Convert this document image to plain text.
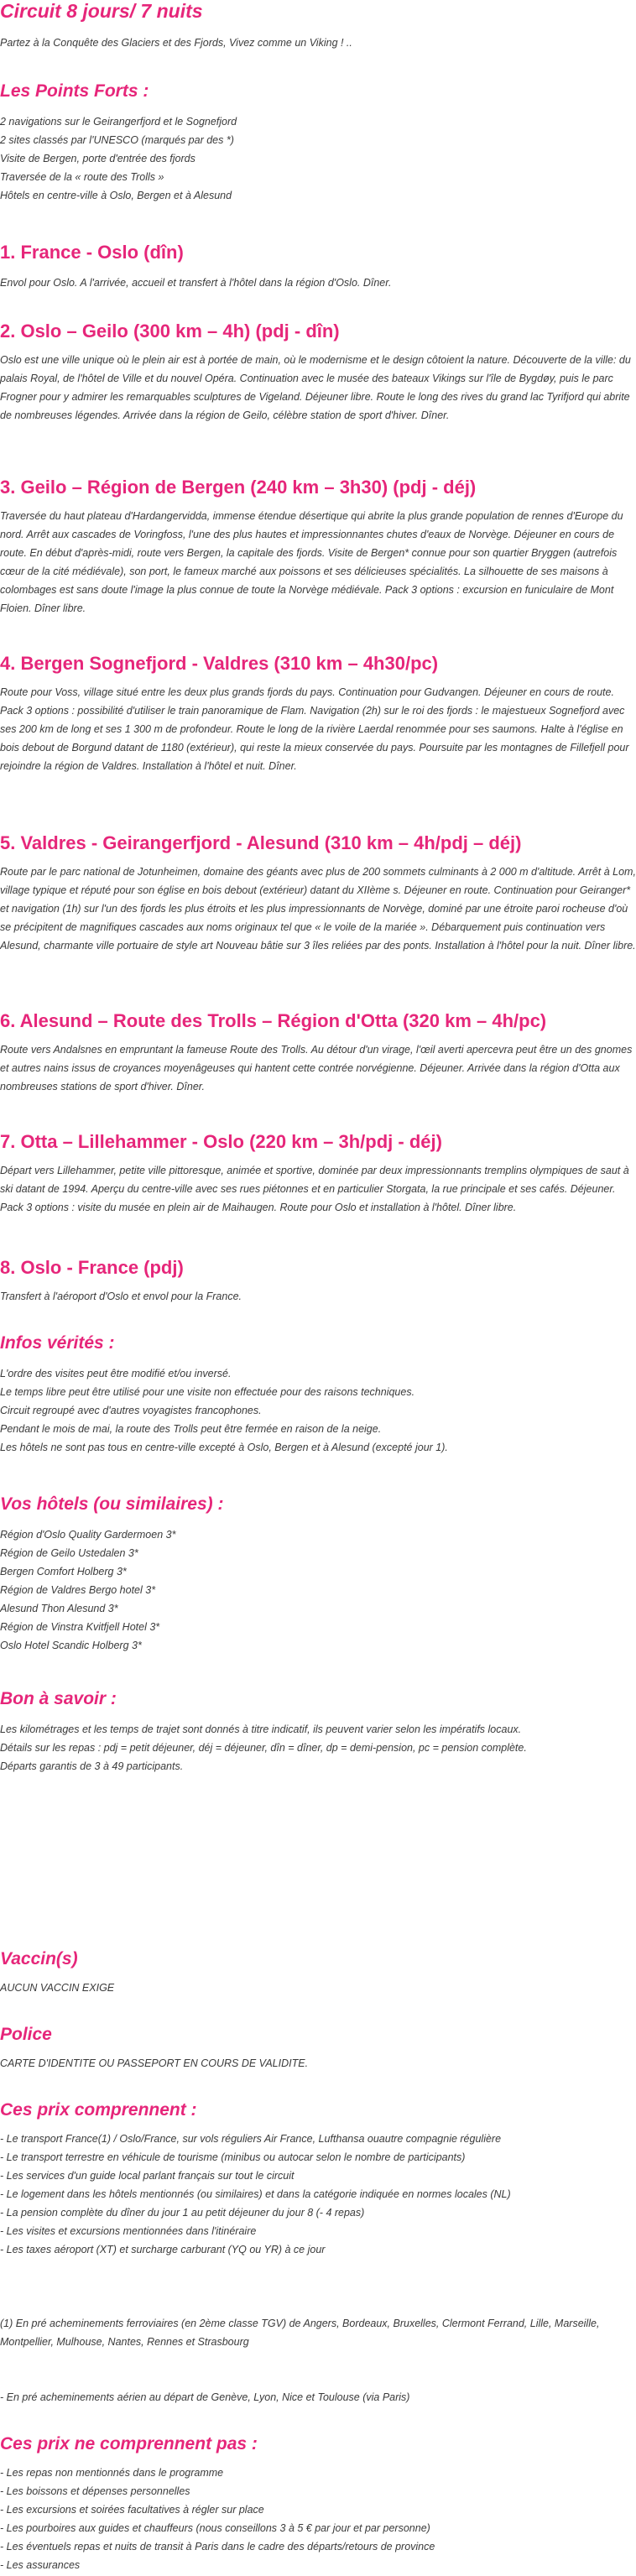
Circuit 8 jours/ 7 nuits

Partez à la Conquête des Glaciers et des Fjords, Vivez comme un Viking ! ..

Les Points Forts :

2 navigations sur le Geirangerfjord et le Sognefjord

2 sites classés par l'UNESCO (marqués par des *)

Visite de Bergen, porte d'entrée des fjords

Traversée de la « route des Trolls »

Hôtels en centre-ville à Oslo, Bergen et à Alesund

1. France - Oslo (dîn)

Envol pour Oslo. A l'arrivée, accueil et transfert à l'hôtel dans la région d'Oslo. Dîner.

2. Oslo – Geilo (300 km – 4h) (pdj - dîn)

Oslo est une ville unique où le plein air est à portée de main, où le modernisme et le design côtoient la nature. Découverte de la ville: du palais Royal, de l'hôtel de Ville et du nouvel Opéra. Continuation avec le musée des bateaux Vikings sur l'île de Bygdøy, puis le parc Frogner pour y admirer les remarquables sculptures de Vigeland. Déjeuner libre. Route le long des rives du grand lac Tyrifjord qui abrite de nombreuses légendes. Arrivée dans la région de Geilo, célèbre station de sport d'hiver. Dîner.

3. Geilo – Région de Bergen (240 km – 3h30) (pdj - déj)

Traversée du haut plateau d'Hardangervidda, immense étendue désertique qui abrite la plus grande population de rennes d'Europe du nord. Arrêt aux cascades de Voringfoss, l'une des plus hautes et impressionnantes chutes d'eaux de Norvège. Déjeuner en cours de route. En début d'après-midi, route vers Bergen, la capitale des fjords. Visite de Bergen* connue pour son quartier Bryggen (autrefois cœur de la cité médiévale), son port, le fameux marché aux poissons et ses délicieuses spécialités. La silhouette de ses maisons à colombages est sans doute l'image la plus connue de toute la Norvège médiévale. Pack 3 options : excursion en funiculaire de Mont Floien. Dîner libre.

4. Bergen Sognefjord - Valdres (310 km – 4h30/pc)

Route pour Voss, village situé entre les deux plus grands fjords du pays. Continuation pour Gudvangen. Déjeuner en cours de route. Pack 3 options : possibilité d'utiliser le train panoramique de Flam. Navigation (2h) sur le roi des fjords : le majestueux Sognefjord avec ses 200 km de long et ses 1 300 m de profondeur. Route le long de la rivière Laerdal renommée pour ses saumons. Halte à l'église en bois debout de Borgund datant de 1180 (extérieur), qui reste la mieux conservée du pays. Poursuite par les montagnes de Fillefjell pour rejoindre la région de Valdres. Installation à l'hôtel et nuit. Dîner.

5. Valdres - Geirangerfjord - Alesund (310 km – 4h/pdj – déj)

Route par le parc national de Jotunheimen, domaine des géants avec plus de 200 sommets culminants à 2 000 m d'altitude. Arrêt à Lom, village typique et réputé pour son église en bois debout (extérieur) datant du XIIème s. Déjeuner en route. Continuation pour Geiranger* et navigation (1h) sur l'un des fjords les plus étroits et les plus impressionnants de Norvège, dominé par une étroite paroi rocheuse d'où se précipitent de magnifiques cascades aux noms originaux tel que « le voile de la mariée ». Débarquement puis continuation vers Alesund, charmante ville portuaire de style art Nouveau bâtie sur 3 îles reliées par des ponts. Installation à l'hôtel pour la nuit. Dîner libre.

6. Alesund – Route des Trolls – Région d'Otta (320 km – 4h/pc)

Route vers Andalsnes en empruntant la fameuse Route des Trolls. Au détour d'un virage, l'œil averti apercevra peut être un des gnomes et autres nains issus de croyances moyenâgeuses qui hantent cette contrée norvégienne. Déjeuner. Arrivée dans la région d'Otta aux nombreuses stations de sport d'hiver. Dîner.

7. Otta – Lillehammer - Oslo (220 km – 3h/pdj - déj)

Départ vers Lillehammer, petite ville pittoresque, animée et sportive, dominée par deux impressionnants tremplins olympiques de saut à ski datant de 1994. Aperçu du centre-ville avec ses rues piétonnes et en particulier Storgata, la rue principale et ses cafés. Déjeuner. Pack 3 options : visite du musée en plein air de Maihaugen. Route pour Oslo et installation à l'hôtel. Dîner libre.

8. Oslo - France (pdj)

Transfert à l'aéroport d'Oslo et envol pour la France.

Infos vérités :

L'ordre des visites peut être modifié et/ou inversé.

Le temps libre peut être utilisé pour une visite non effectuée pour des raisons techniques.

Circuit regroupé avec d'autres voyagistes francophones.

Pendant le mois de mai, la route des Trolls peut être fermée en raison de la neige.

Les hôtels ne sont pas tous en centre-ville excepté à Oslo, Bergen et à Alesund (excepté jour 1).

Vos hôtels (ou similaires) :

Région d'Oslo Quality Gardermoen 3*

Région de Geilo Ustedalen 3*

Bergen Comfort Holberg 3*

Région de Valdres Bergo hotel 3*

Alesund Thon Alesund 3*

Région de Vinstra Kvitfjell Hotel 3*

Oslo Hotel Scandic Holberg 3*

Bon à savoir :

Les kilométrages et les temps de trajet sont donnés à titre indicatif, ils peuvent varier selon les impératifs locaux.

Détails sur les repas : pdj = petit déjeuner, déj = déjeuner, dîn = dîner, dp = demi-pension, pc = pension complète.

Départs garantis de 3 à 49 participants.

Vaccin(s)

AUCUN VACCIN EXIGE

Police

CARTE D'IDENTITE OU PASSEPORT EN COURS DE VALIDITE.

Ces prix comprennent :

- Le transport France(1) / Oslo/France, sur vols réguliers Air France, Lufthansa ouautre compagnie régulière

- Le transport terrestre en véhicule de tourisme (minibus ou autocar selon le nombre de participants)

- Les services d'un guide local parlant français sur tout le circuit

- Le logement dans les hôtels mentionnés (ou similaires) et dans la catégorie indiquée en normes locales (NL)

- La pension complète du dîner du jour 1 au petit déjeuner du jour 8 (- 4 repas)

- Les visites et excursions mentionnées dans l'itinéraire

- Les taxes aéroport (XT) et surcharge carburant (YQ ou YR) à ce jour

(1) En pré acheminements ferroviaires (en 2ème classe TGV) de Angers, Bordeaux, Bruxelles, Clermont Ferrand, Lille, Marseille, Montpellier, Mulhouse, Nantes, Rennes et Strasbourg

- En pré acheminements aérien au départ de Genève, Lyon, Nice et Toulouse (via Paris)

Ces prix ne comprennent pas :

- Les repas non mentionnés dans le programme

- Les boissons et dépenses personnelles

- Les excursions et soirées facultatives à régler sur place

- Les pourboires aux guides et chauffeurs (nous conseillons 3 à 5 € par jour et par personne)

- Les éventuels repas et nuits de transit à Paris dans le cadre des départs/retours de province

- Les assurances
